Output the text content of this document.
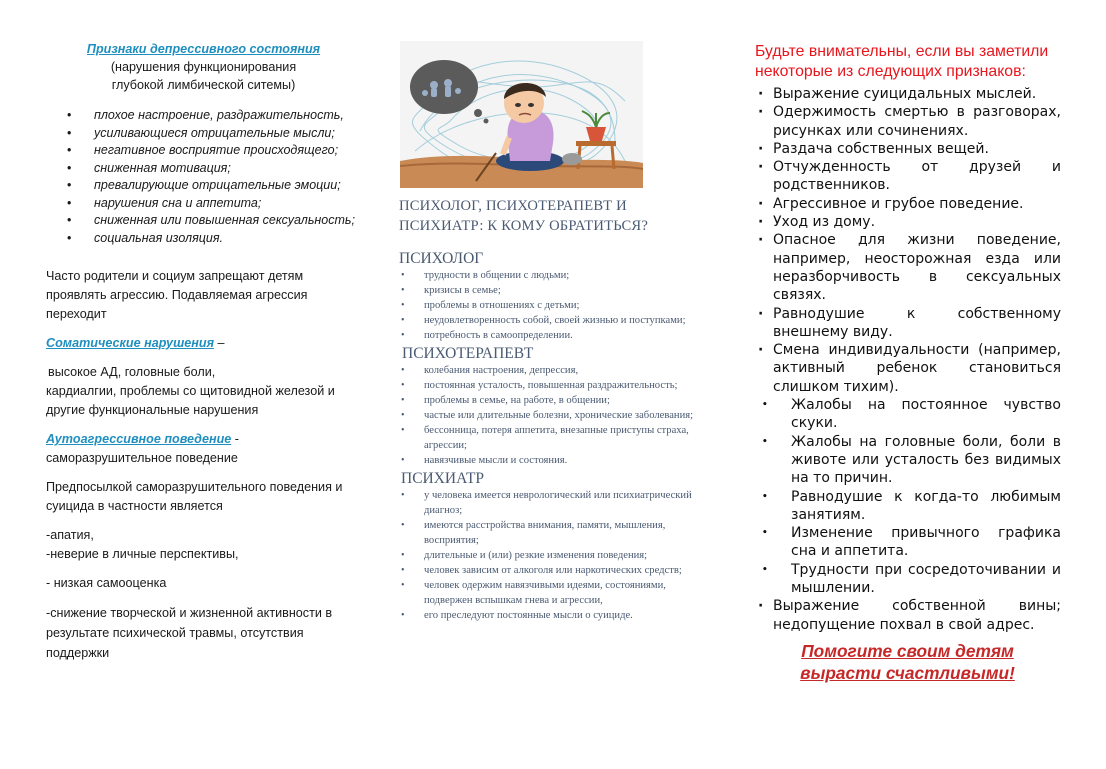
Признаки депрессивного состояния

(нарушения функционирования

глубокой лимбической ситемы)

• плохое настроение, раздражительность,
• усиливающиеся отрицательные мысли;
• негативное восприятие происходящего;
• сниженная мотивация;
• превалирующие отрицательные эмоции;
• нарушения сна и аппетита;
• сниженная или повышенная сексуальность;
• социальная изоляция.

Часто родители и социум запрещают детям проявлять агрессию. Подавляемая агрессия переходит

Соматические нарушения –

высокое АД, головные боли,

кардиалгии, проблемы со щитовидной железой и другие функциональные нарушения

Аутоагрессивное поведение -

саморазрушительное поведение

Предпосылкой саморазрушительного поведения и суицида в частности является

-апатия,

-неверие в личные перспективы,

- низкая самооценка

-снижение творческой и жизненной активности в результате психической травмы, отсутствия поддержки

ПСИХОЛОГ, ПСИХОТЕРАПЕВТ И ПСИХИАТР: К КОМУ ОБРАТИТЬСЯ?

ПСИХОЛОГ

• трудности в общении с людьми;
• кризисы в семье;
• проблемы в отношениях с детьми;
• неудовлетворенность собой, своей жизнью и поступками;
• потребность в самоопределении.

ПСИХОТЕРАПЕВТ

• колебания настроения, депрессия,
• постоянная усталость, повышенная раздражительность;
• проблемы в семье, на работе, в общении;
• частые или длительные болезни, хронические заболевания;
• бессонница, потеря аппетита, внезапные приступы страха, агрессии;
• навязчивые мысли и состояния.

ПСИХИАТР

• у человека имеется неврологический или психиатрический диагноз;
• имеются расстройства внимания, памяти, мышления, восприятия;
• длительные и (или) резкие изменения поведения;
• человек зависим от алкоголя или наркотических средств;
• человек одержим навязчивыми идеями, состояниями, подвержен вспышкам гнева и агрессии,
• его преследуют постоянные мысли о суициде.

Будьте внимательны, если вы заметили некоторые из следующих признаков:

· Выражение суицидальных мыслей.
· Одержимость смертью в разговорах, рисунках или сочинениях.
· Раздача собственных вещей.
· Отчужденность от друзей и родственников.
· Агрессивное и грубое поведение.
· Уход из дому.
· Опасное для жизни поведение, например, неосторожная езда или неразборчивость в сексуальных связях.
· Равнодушие к собственному внешнему виду.
· Смена индивидуальности (например, активный ребенок становиться слишком тихим).
• Жалобы на постоянное чувство скуки.
• Жалобы на головные боли, боли в животе или усталость без видимых на то причин.
• Равнодушие к когда-то любимым занятиям.
• Изменение привычного графика сна и аппетита.
• Трудности при сосредоточивании и мышлении.
· Выражение собственной вины; недопущение похвал в свой адрес.

Помогите своим детям
вырасти счастливыми!
